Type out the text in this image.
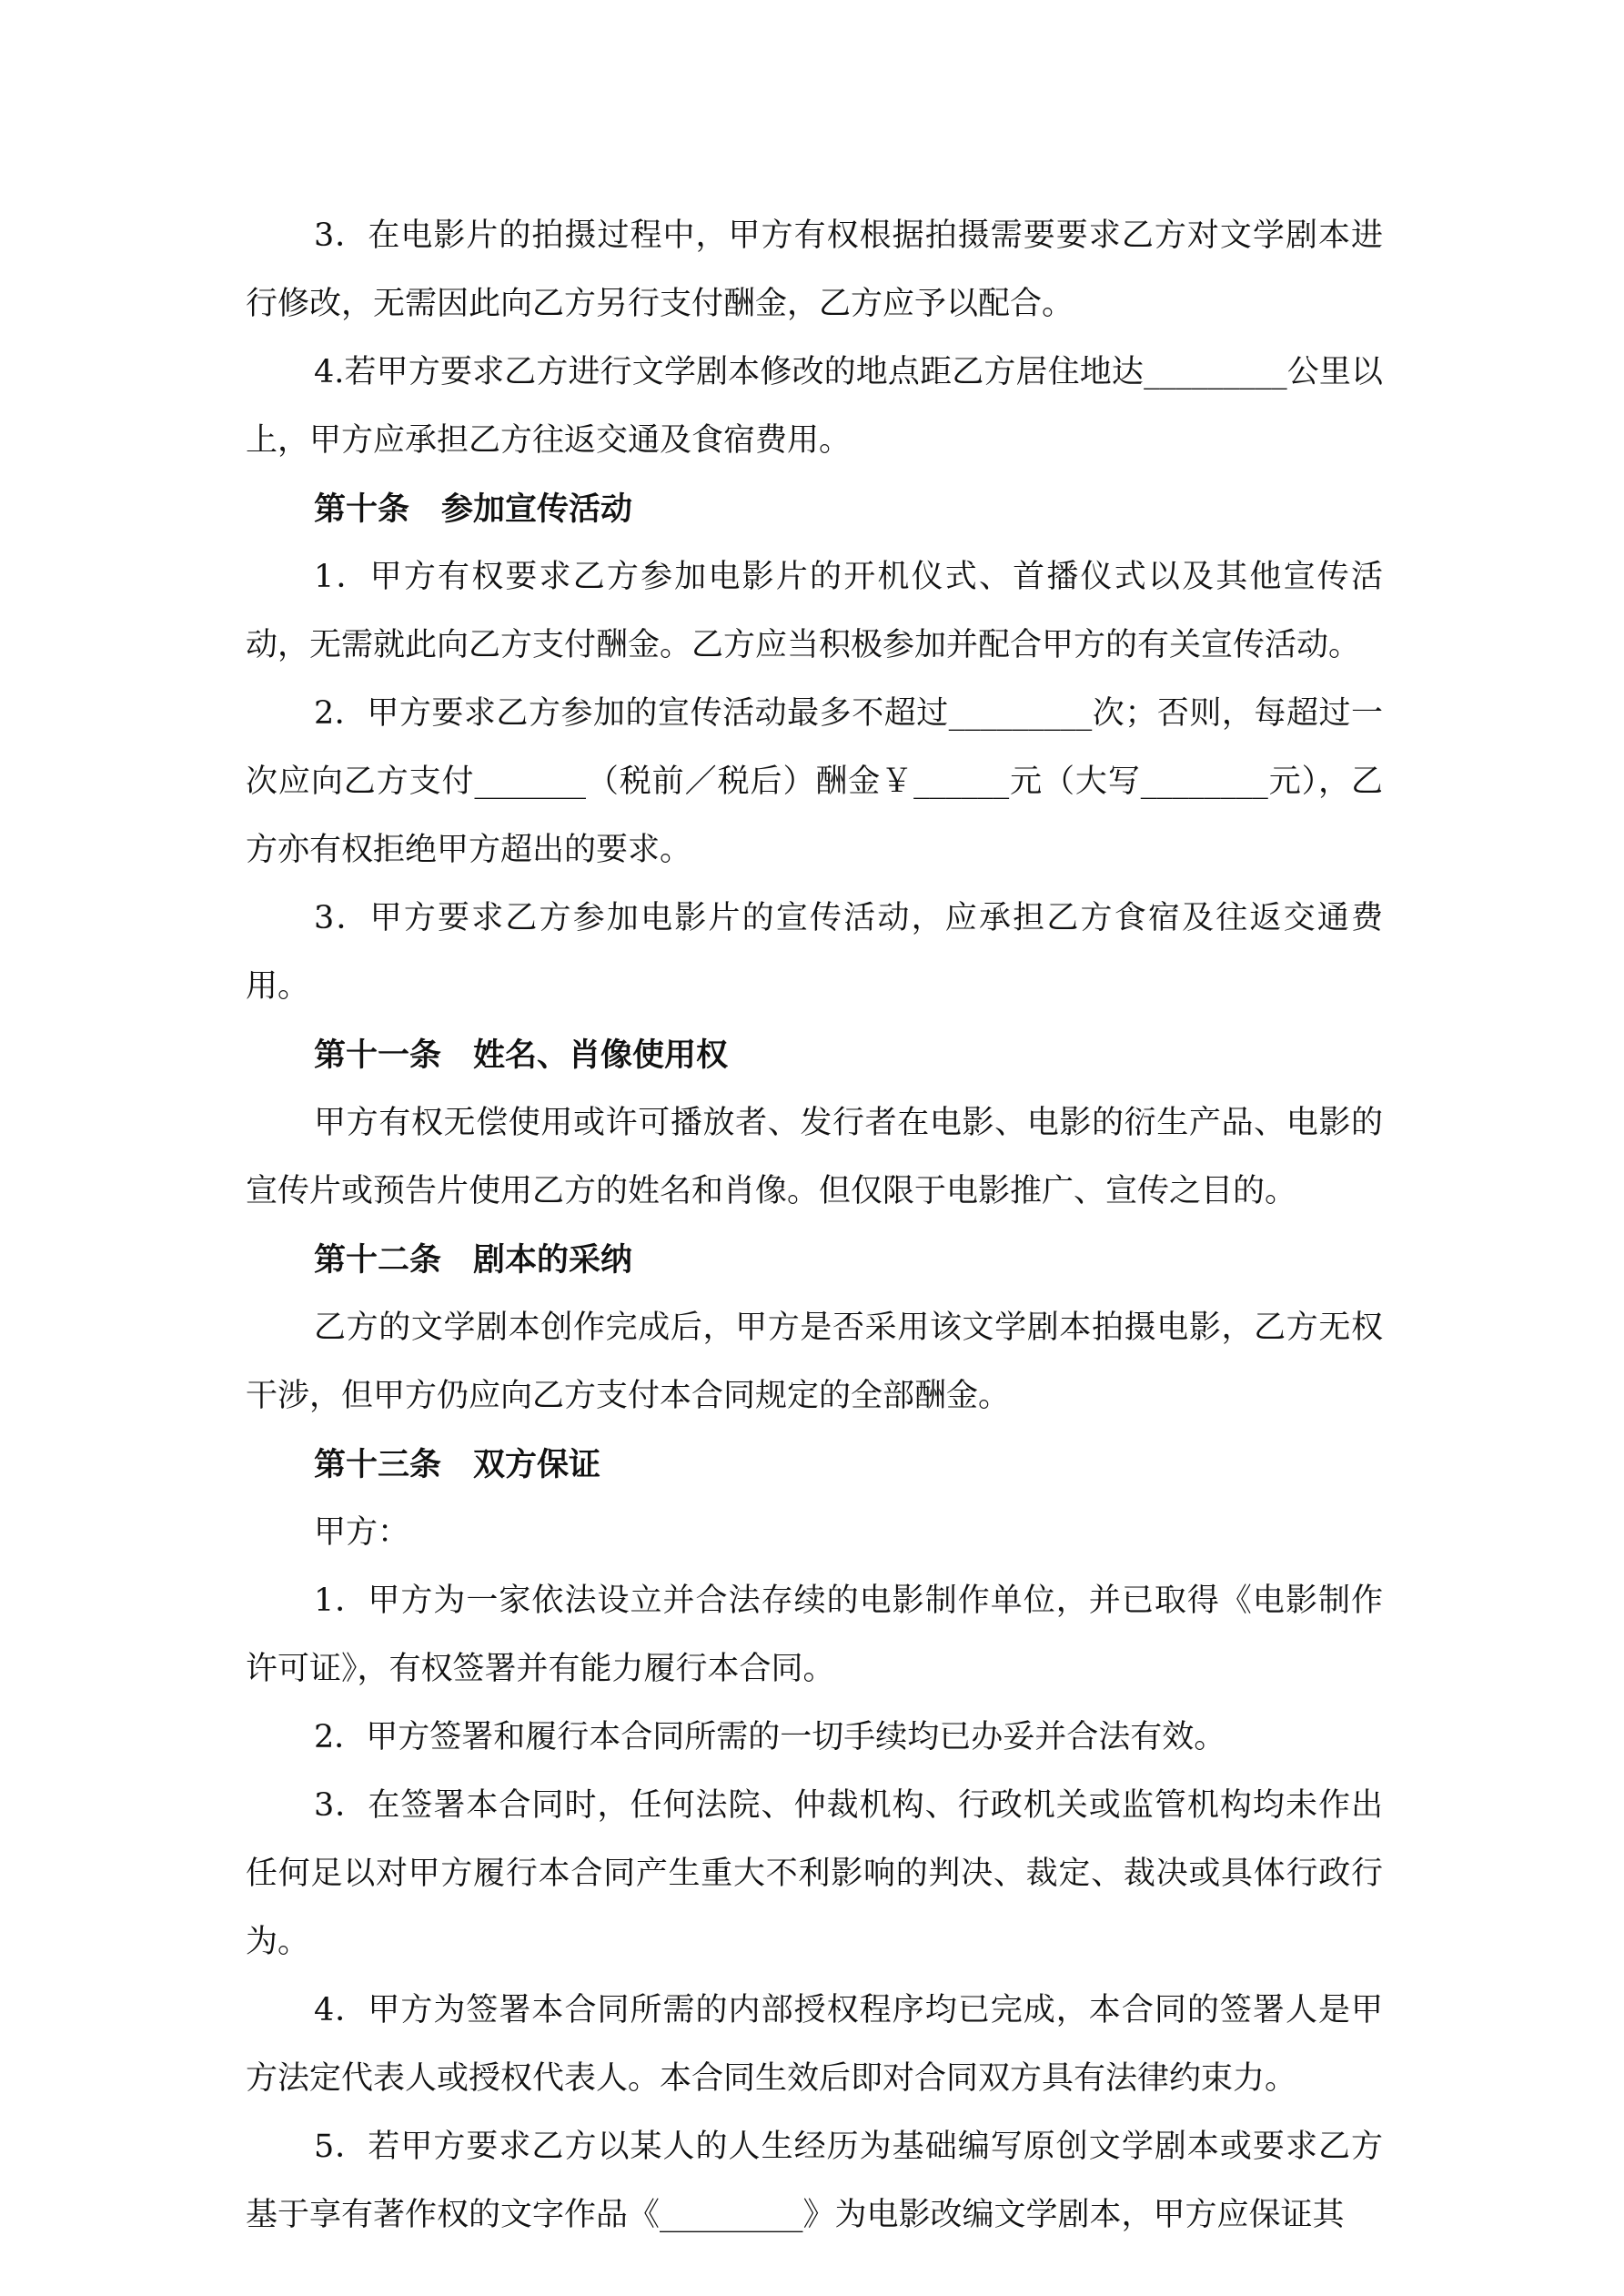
3．在电影片的拍摄过程中，甲方有权根据拍摄需要要求乙方对文学剧本进行修改，无需因此向乙方另行支付酬金，乙方应予以配合。

4.若甲方要求乙方进行文学剧本修改的地点距乙方居住地达_________公里以上，甲方应承担乙方往返交通及食宿费用。

第十条 参加宣传活动

1．甲方有权要求乙方参加电影片的开机仪式、首播仪式以及其他宣传活动，无需就此向乙方支付酬金。乙方应当积极参加并配合甲方的有关宣传活动。

2．甲方要求乙方参加的宣传活动最多不超过_________次；否则，每超过一次应向乙方支付_______（税前／税后）酬金￥______元（大写________元），乙方亦有权拒绝甲方超出的要求。

3．甲方要求乙方参加电影片的宣传活动，应承担乙方食宿及往返交通费用。

第十一条 姓名、肖像使用权

甲方有权无偿使用或许可播放者、发行者在电影、电影的衍生产品、电影的宣传片或预告片使用乙方的姓名和肖像。但仅限于电影推广、宣传之目的。

第十二条 剧本的采纳

乙方的文学剧本创作完成后，甲方是否采用该文学剧本拍摄电影，乙方无权干涉，但甲方仍应向乙方支付本合同规定的全部酬金。

第十三条 双方保证

甲方：

1．甲方为一家依法设立并合法存续的电影制作单位，并已取得《电影制作许可证》，有权签署并有能力履行本合同。

2．甲方签署和履行本合同所需的一切手续均已办妥并合法有效。

3．在签署本合同时，任何法院、仲裁机构、行政机关或监管机构均未作出任何足以对甲方履行本合同产生重大不利影响的判决、裁定、裁决或具体行政行为。

4．甲方为签署本合同所需的内部授权程序均已完成，本合同的签署人是甲方法定代表人或授权代表人。本合同生效后即对合同双方具有法律约束力。

5．若甲方要求乙方以某人的人生经历为基础编写原创文学剧本或要求乙方基于享有著作权的文字作品《_________》为电影改编文学剧本，甲方应保证其
